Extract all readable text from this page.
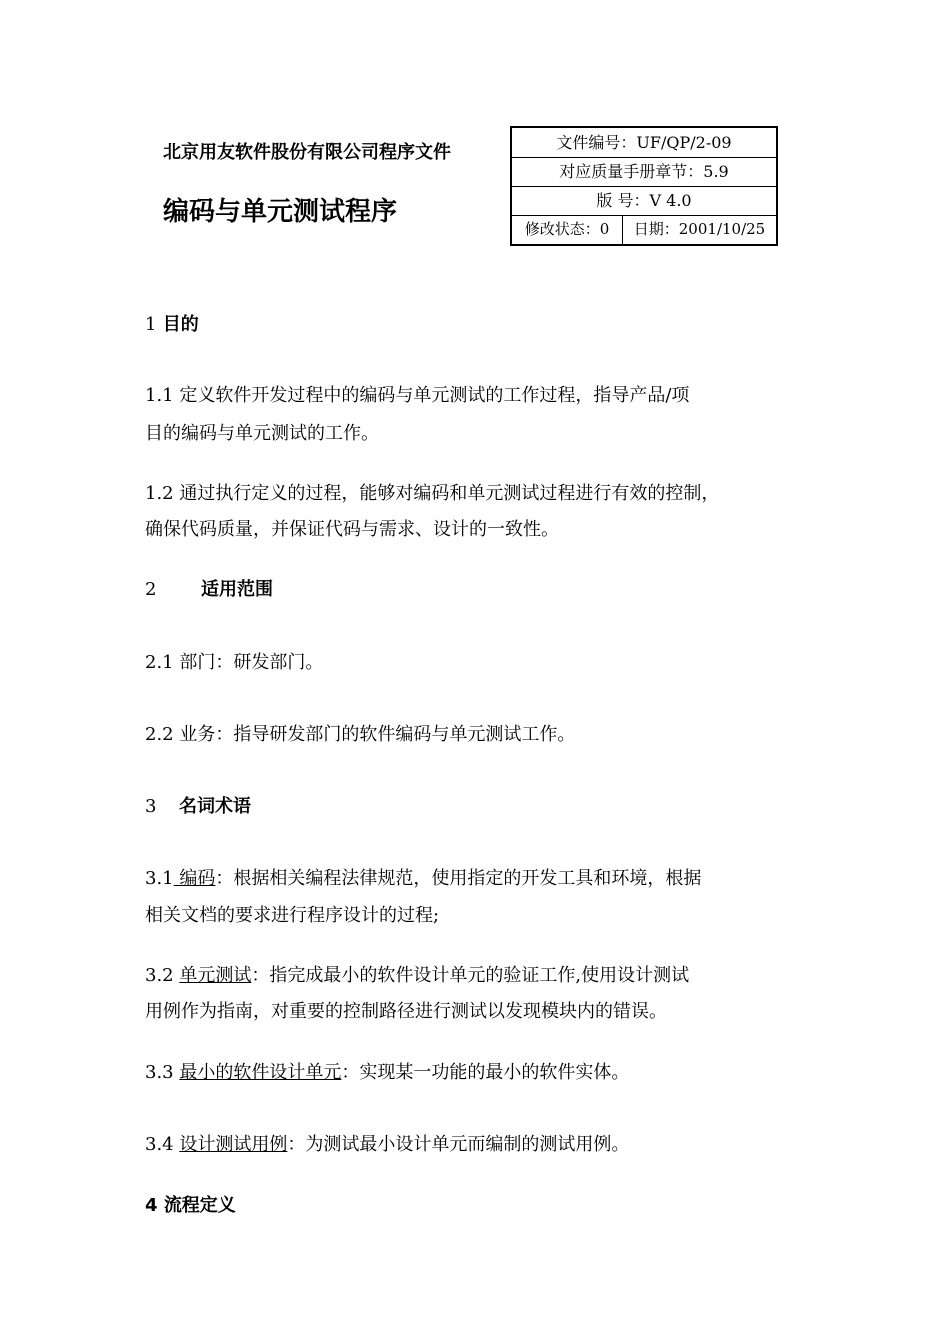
北京用友软件股份有限公司程序文件
编码与单元测试程序
文件编号：UF/QP/2-09
对应质量手册章节：5.9
版 号：V 4.0
修改状态：0	日期：2001/10/25
1 目的
1.1 定义软件开发过程中的编码与单元测试的工作过程，指导产品/项
目的编码与单元测试的工作。
1.2 通过执行定义的过程，能够对编码和单元测试过程进行有效的控制，
确保代码质量，并保证代码与需求、设计的一致性。
2 适用范围
2.1 部门：研发部门。
2.2 业务：指导研发部门的软件编码与单元测试工作。
3 名词术语
3.1 编码：根据相关编程法律规范，使用指定的开发工具和环境，根据
相关文档的要求进行程序设计的过程;
3.2 单元测试：指完成最小的软件设计单元的验证工作,使用设计测试
用例作为指南，对重要的控制路径进行测试以发现模块内的错误。
3.3 最小的软件设计单元：实现某一功能的最小的软件实体。
3.4 设计测试用例：为测试最小设计单元而编制的测试用例。
4 流程定义
